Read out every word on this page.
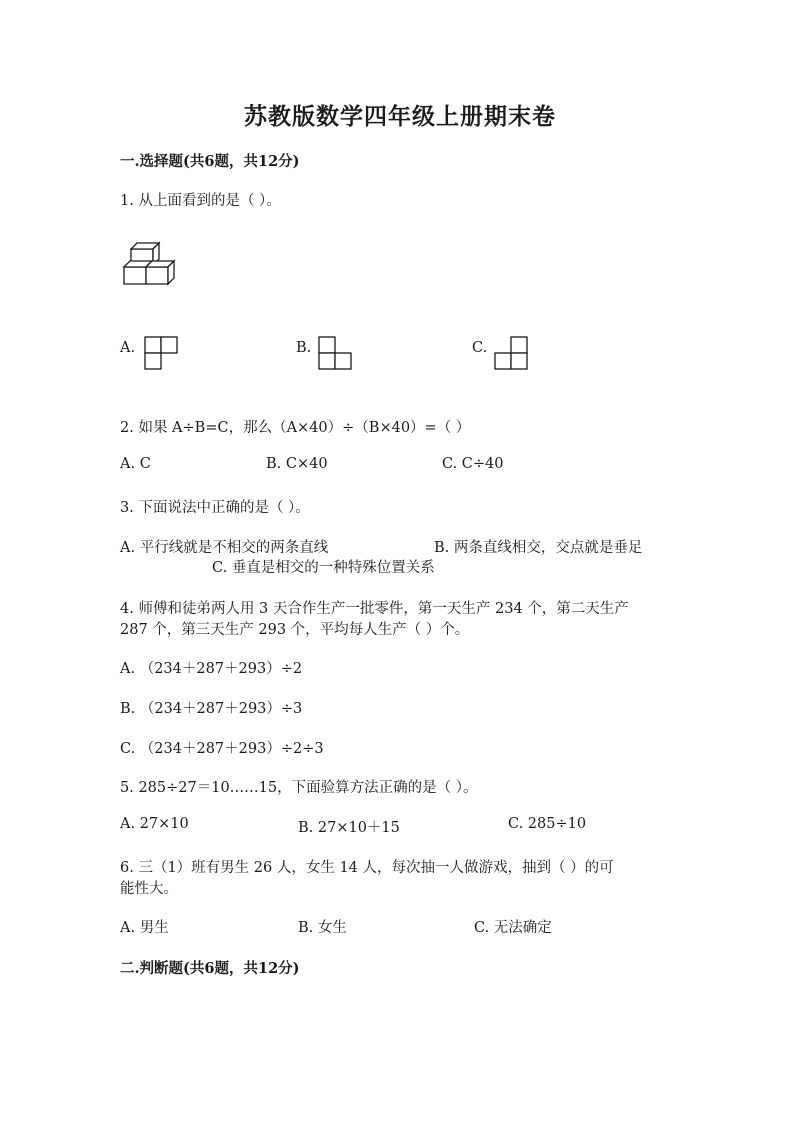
苏教版数学四年级上册期末卷
一.选择题(共6题，共12分)
1. 从上面看到的是（ ）。
A.	B.	C.
2. 如果 A÷B=C，那么（A×40）÷（B×40）=（ ）
A. C	B. C×40	C. C÷40
3. 下面说法中正确的是（ ）。
A. 平行线就是不相交的两条直线	B. 两条直线相交，交点就是垂足
C. 垂直是相交的一种特殊位置关系
4. 师傅和徒弟两人用 3 天合作生产一批零件，第一天生产 234 个，第二天生产
287 个，第三天生产 293 个，平均每人生产（ ）个。
A. （234＋287＋293）÷2
B. （234＋287＋293）÷3
C. （234＋287＋293）÷2÷3
5. 285÷27＝10……15，下面验算方法正确的是（ ）。
A. 27×10	B. 27×10＋15	C. 285÷10
6. 三（1）班有男生 26 人，女生 14 人，每次抽一人做游戏，抽到（ ）的可
能性大。
A. 男生	B. 女生	C. 无法确定
二.判断题(共6题，共12分)
